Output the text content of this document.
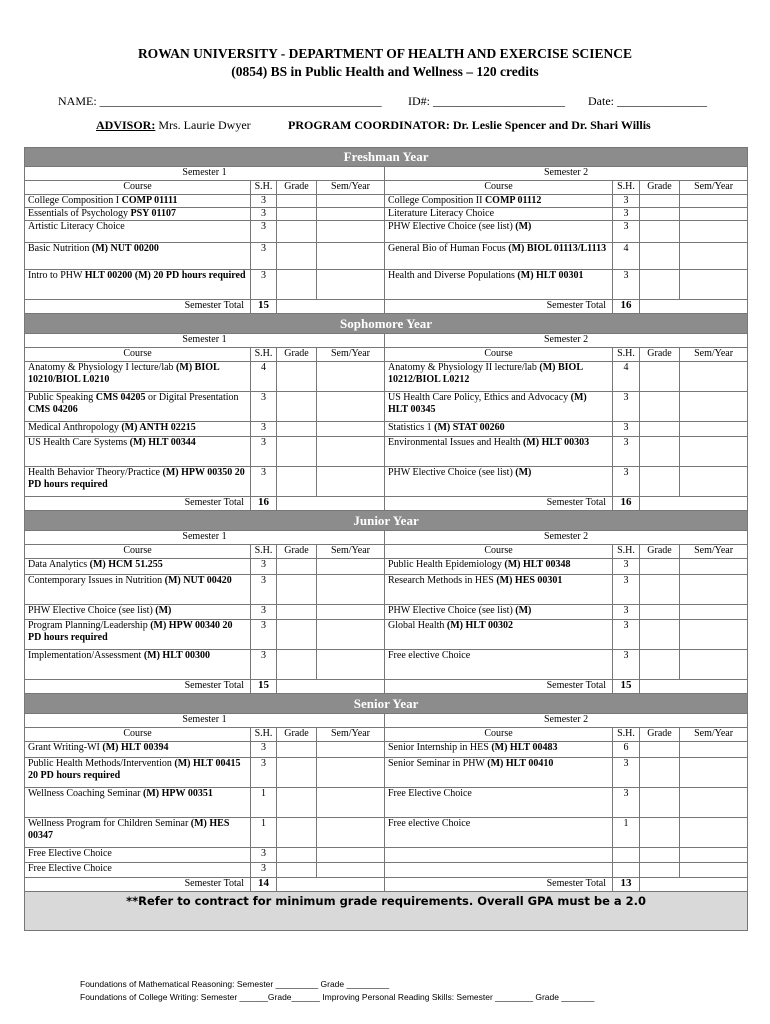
ROWAN UNIVERSITY - DEPARTMENT OF HEALTH AND EXERCISE SCIENCE
(0854) BS in Public Health and Wellness – 120 credits
NAME: _______________________________________________ ID#: ______________________ Date: _______________
ADVISOR: Mrs. Laurie Dwyer	PROGRAM COORDINATOR: Dr. Leslie Spencer and Dr. Shari Willis
Freshman Year							
Semester 1				Semester 2			
Course	S.H.	Grade	Sem/Year	Course	S.H.	Grade	Sem/Year
College Composition I COMP 01111	3			College Composition II COMP 01112	3		
Essentials of Psychology PSY 01107	3			Literature Literacy Choice	3		
Artistic Literacy Choice	3			PHW Elective Choice (see list) (M)	3		
Basic Nutrition (M) NUT 00200	3			General Bio of Human Focus (M) BIOL 01113/L1113	4		
Intro to PHW HLT 00200 (M) 20 PD hours required	3			Health and Diverse Populations (M) HLT 00301	3		
Semester Total	15			Semester Total	16		
Sophomore Year							
Semester 1				Semester 2			
Course	S.H.	Grade	Sem/Year	Course	S.H.	Grade	Sem/Year
Anatomy & Physiology I lecture/lab (M) BIOL 10210/BIOL L0210	4			Anatomy & Physiology II lecture/lab (M) BIOL 10212/BIOL L0212	4		
Public Speaking CMS 04205 or Digital Presentation CMS 04206	3			US Health Care Policy, Ethics and Advocacy (M) HLT 00345	3		
Medical Anthropology (M) ANTH 02215	3			Statistics 1 (M) STAT 00260	3		
US Health Care Systems (M) HLT 00344	3			Environmental Issues and Health (M) HLT 00303	3		
Health Behavior Theory/Practice (M) HPW 00350 20 PD hours required	3			PHW Elective Choice (see list) (M)	3		
Semester Total	16			Semester Total	16		
Junior Year							
Semester 1				Semester 2			
Course	S.H.	Grade	Sem/Year	Course	S.H.	Grade	Sem/Year
Data Analytics (M) HCM 51.255	3			Public Health Epidemiology (M) HLT 00348	3		
Contemporary Issues in Nutrition (M) NUT 00420	3			Research Methods in HES (M) HES 00301	3		
PHW Elective Choice (see list) (M)	3			PHW Elective Choice (see list) (M)	3		
Program Planning/Leadership (M) HPW 00340 20 PD hours required	3			Global Health (M) HLT 00302	3		
Implementation/Assessment (M) HLT 00300	3			Free elective Choice	3		
Semester Total	15			Semester Total	15		
Senior Year							
Semester 1				Semester 2			
Course	S.H.	Grade	Sem/Year	Course	S.H.	Grade	Sem/Year
Grant Writing-WI (M) HLT 00394	3			Senior Internship in HES (M) HLT 00483	6		
Public Health Methods/Intervention (M) HLT 00415 20 PD hours required	3			Senior Seminar in PHW (M) HLT 00410	3		
Wellness Coaching Seminar (M) HPW 00351	1			Free Elective Choice	3		
Wellness Program for Children Seminar (M) HES 00347	1			Free elective Choice	1		
Free Elective Choice	3						
Free Elective Choice	3						
Semester Total	14			Semester Total	13		
**Refer to contract for minimum grade requirements. Overall GPA must be a 2.0							
Foundations of Mathematical Reasoning: Semester _________ Grade _________
Foundations of College Writing: Semester ______Grade______ Improving Personal Reading Skills: Semester ________ Grade _______
